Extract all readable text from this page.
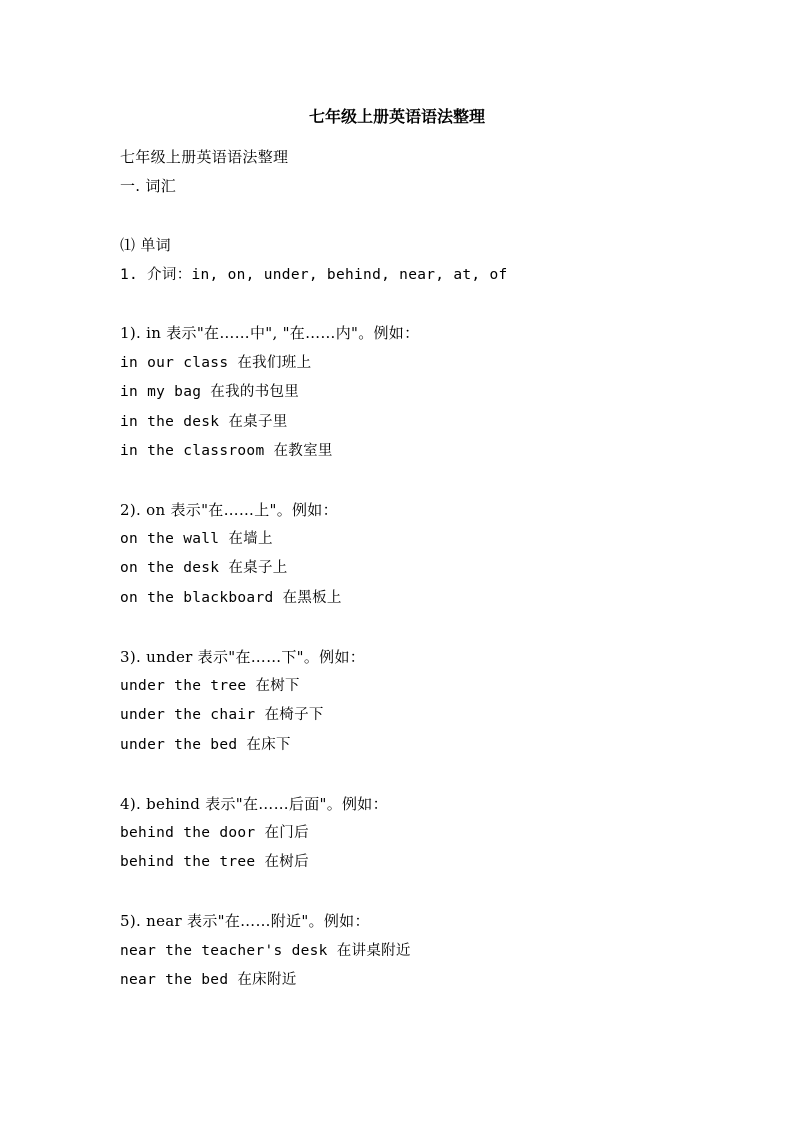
七年级上册英语语法整理
七年级上册英语语法整理
一. 词汇
⑴ 单词
1. 介词：in, on, under, behind, near, at, of
1). in 表示"在……中", "在……内"。例如：
in our class 在我们班上
in my bag 在我的书包里
in the desk 在桌子里
in the classroom 在教室里
2). on 表示"在……上"。例如：
on the wall 在墙上
on the desk 在桌子上
on the blackboard 在黑板上
3). under 表示"在……下"。例如：
under the tree 在树下
under the chair 在椅子下
under the bed 在床下
4). behind 表示"在……后面"。例如：
behind the door 在门后
behind the tree 在树后
5). near 表示"在……附近"。例如：
near the teacher's desk 在讲桌附近
near the bed 在床附近
